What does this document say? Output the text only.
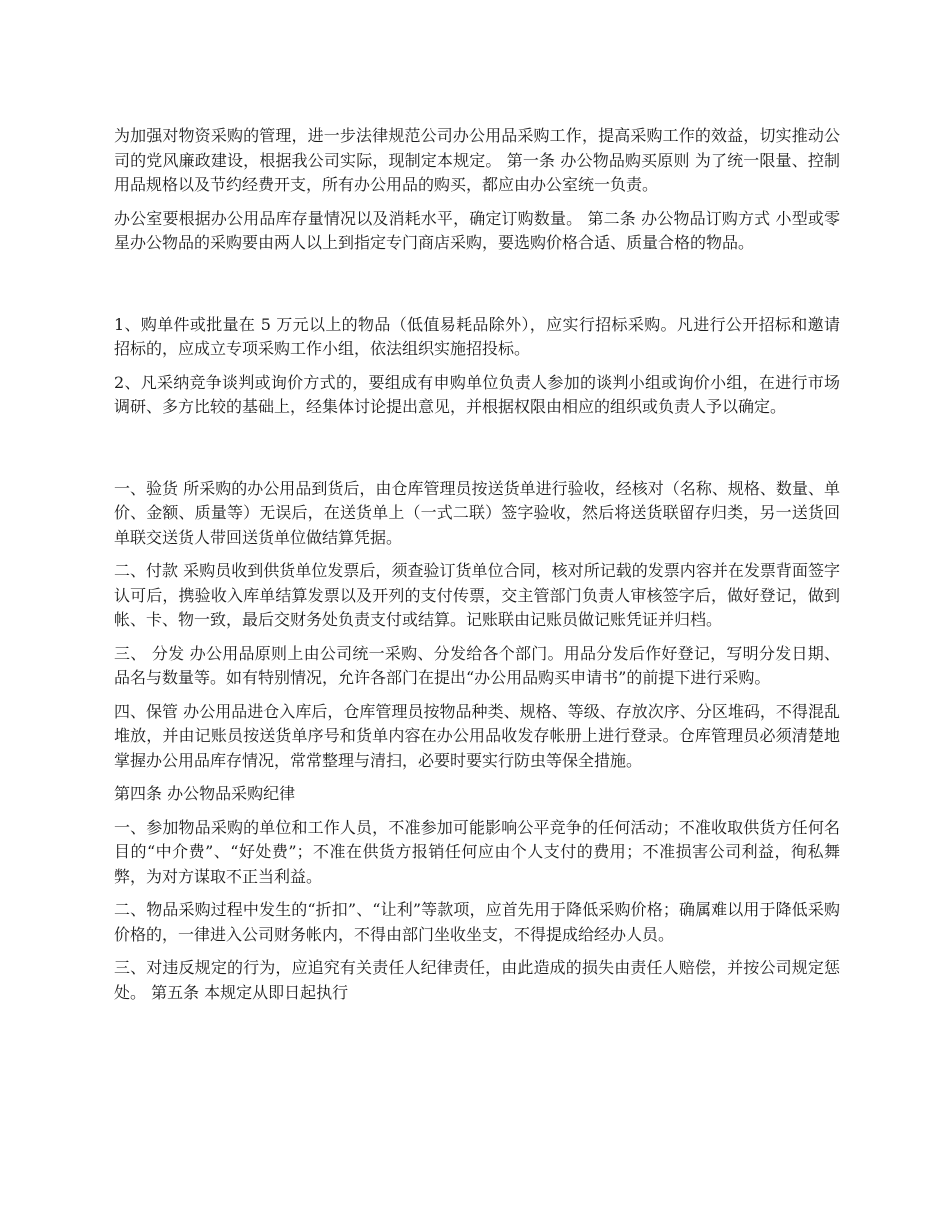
为加强对物资采购的管理，进一步法律规范公司办公用品采购工作，提高采购工作的效益，切实推动公司的党风廉政建设，根据我公司实际，现制定本规定。 第一条 办公物品购买原则 为了统一限量、控制用品规格以及节约经费开支，所有办公用品的购买，都应由办公室统一负责。

办公室要根据办公用品库存量情况以及消耗水平，确定订购数量。 第二条 办公物品订购方式 小型或零星办公物品的采购要由两人以上到指定专门商店采购，要选购价格合适、质量合格的物品。

1、购单件或批量在 5 万元以上的物品（低值易耗品除外），应实行招标采购。凡进行公开招标和邀请招标的，应成立专项采购工作小组，依法组织实施招投标。

2、凡采纳竞争谈判或询价方式的，要组成有申购单位负责人参加的谈判小组或询价小组，在进行市场调研、多方比较的基础上，经集体讨论提出意见，并根据权限由相应的组织或负责人予以确定。

一、验货 所采购的办公用品到货后，由仓库管理员按送货单进行验收，经核对（名称、规格、数量、单价、金额、质量等）无误后，在送货单上（一式二联）签字验收，然后将送货联留存归类，另一送货回单联交送货人带回送货单位做结算凭据。

二、付款 采购员收到供货单位发票后，须查验订货单位合同，核对所记载的发票内容并在发票背面签字认可后，携验收入库单结算发票以及开列的支付传票，交主管部门负责人审核签字后，做好登记，做到帐、卡、物一致，最后交财务处负责支付或结算。记账联由记账员做记账凭证并归档。

三、 分发 办公用品原则上由公司统一采购、分发给各个部门。用品分发后作好登记，写明分发日期、品名与数量等。如有特别情况，允许各部门在提出“办公用品购买申请书”的前提下进行采购。

四、保管 办公用品进仓入库后，仓库管理员按物品种类、规格、等级、存放次序、分区堆码，不得混乱堆放，并由记账员按送货单序号和货单内容在办公用品收发存帐册上进行登录。仓库管理员必须清楚地掌握办公用品库存情况，常常整理与清扫，必要时要实行防虫等保全措施。

第四条 办公物品采购纪律

一、参加物品采购的单位和工作人员，不准参加可能影响公平竞争的任何活动；不准收取供货方任何名目的“中介费”、“好处费”；不准在供货方报销任何应由个人支付的费用；不准损害公司利益，徇私舞弊，为对方谋取不正当利益。

二、物品采购过程中发生的“折扣”、“让利”等款项，应首先用于降低采购价格；确属难以用于降低采购价格的，一律进入公司财务帐内，不得由部门坐收坐支，不得提成给经办人员。

三、对违反规定的行为，应追究有关责任人纪律责任，由此造成的损失由责任人赔偿，并按公司规定惩处。 第五条 本规定从即日起执行
